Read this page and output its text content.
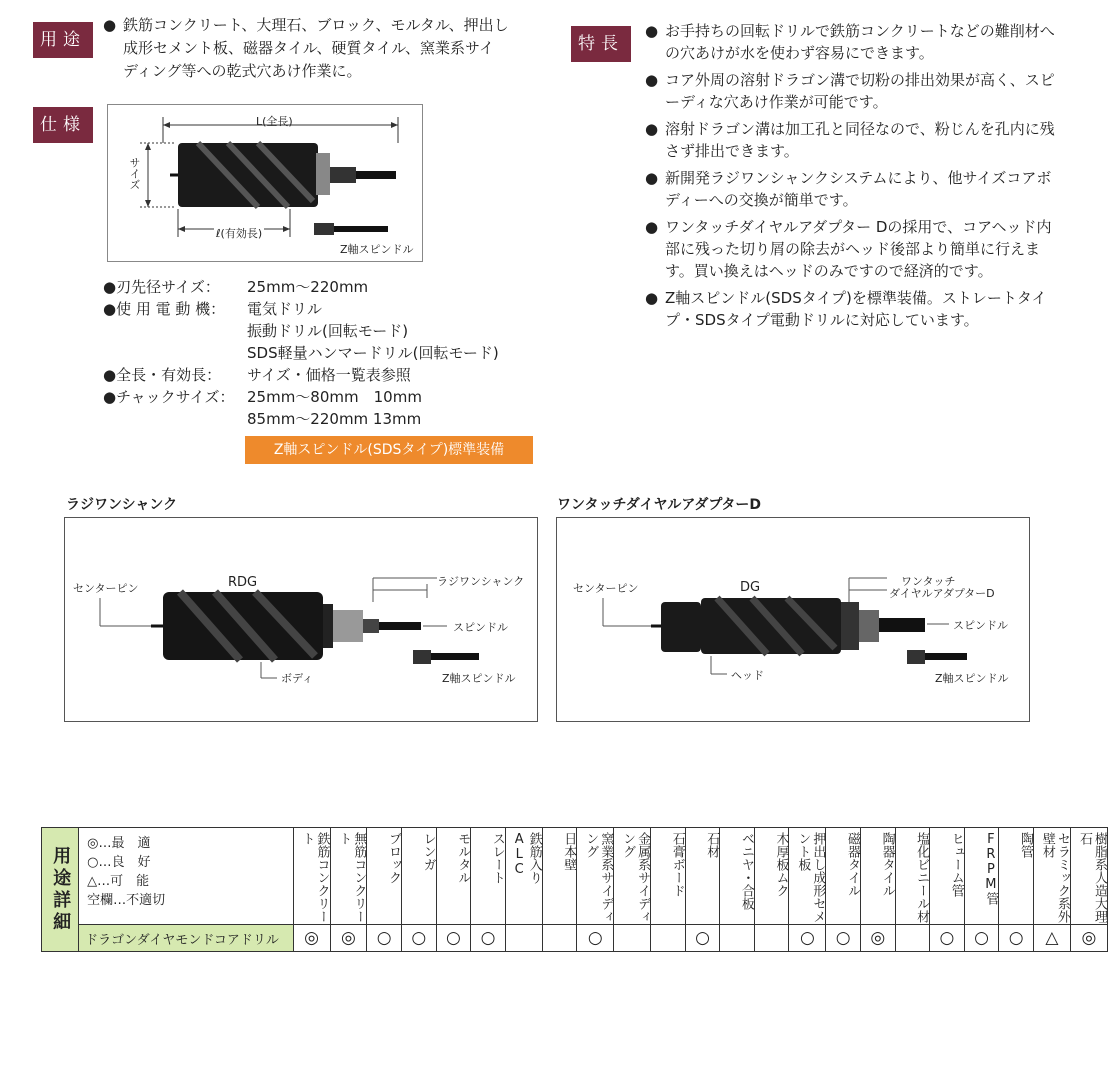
用途
● 鉄筋コンクリート、大理石、ブロック、モルタル、押出し
成形セメント板、磁器タイル、硬質タイル、窯業系サイ
ディング等への乾式穴あけ作業に。
仕様	L(全長)
サイズ
ℓ(有効長)
Z軸スピンドル
●刃先径サイズ：	25mm〜220mm
●使 用 電 動 機：	電気ドリル
振動ドリル(回転モード)
SDS軽量ハンマードリル(回転モード)
●全長・有効長：	サイズ・価格一覧表参照
●チャックサイズ： 25mm〜80mm　10mm
85mm〜220mm 13mm
Z軸スピンドル(SDSタイプ)標準装備
特長
● お手持ちの回転ドリルで鉄筋コンクリートなどの難削材への穴あけが水を使わず容易にできます。
● コア外周の溶射ドラゴン溝で切粉の排出効果が高く、スピーディな穴あけ作業が可能です。
● 溶射ドラゴン溝は加工孔と同径なので、粉じんを孔内に残さず排出できます。
● 新開発ラジワンシャンクシステムにより、他サイズコアボディーへの交換が簡単です。
● ワンタッチダイヤルアダプター Dの採用で、コアヘッド内部に残った切り屑の除去がヘッド後部より簡単に行えます。買い換えはヘッドのみですので経済的です。
● Z軸スピンドル(SDSタイプ)を標準装備。ストレートタイプ・SDSタイプ電動ドリルに対応しています。
ラジワンシャンク
センターピン	RDG	ラジワンシャンク
スピンドル
ボディ	Z軸スピンドル
ワンタッチダイヤルアダプターD
センターピン	DG	ワンタッチ
ダイヤルアダプターD
スピンドル
ヘッド	Z軸スピンドル
用途詳細	◎…最　適
○…良　好
△…可　能
空欄…不適切	鉄筋コンクリート	無筋コンクリート	ブロック	レンガ	モルタル	スレート	鉄筋入りALC	日本壁	窯業系サイディング	金属系サイディング	石膏ボード	石材	ベニヤ・合板	木厚板ムク	押出し成形セメント板	磁器タイル	陶器タイル	塩化ビニール材	ヒューム管	FRPM管	陶管	セラミック系外壁材	樹脂系人造大理石
	ドラゴンダイヤモンドコアドリル	◎	◎	○	○	○	○			○			○			○	○	◎		○	○	○	△	◎
